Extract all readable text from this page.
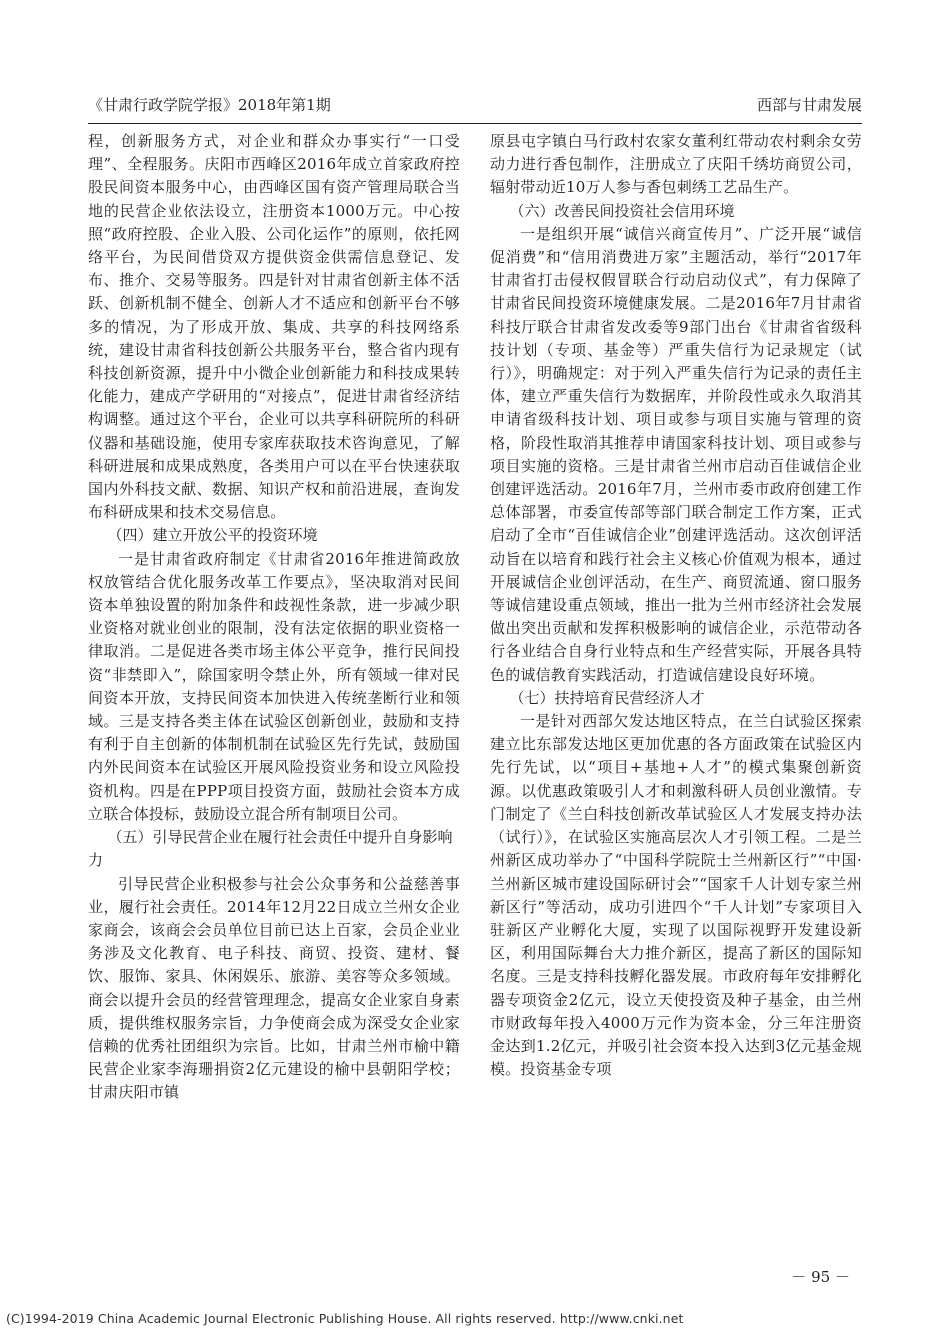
《甘肃行政学院学报》2018年第1期	西部与甘肃发展

程，创新服务方式，对企业和群众办事实行“一口受理”、全程服务。庆阳市西峰区2016年成立首家政府控股民间资本服务中心，由西峰区国有资产管理局联合当地的民营企业依法设立，注册资本1000万元。中心按照“政府控股、企业入股、公司化运作”的原则，依托网络平台，为民间借贷双方提供资金供需信息登记、发布、推介、交易等服务。四是针对甘肃省创新主体不活跃、创新机制不健全、创新人才不适应和创新平台不够多的情况，为了形成开放、集成、共享的科技网络系统，建设甘肃省科技创新公共服务平台，整合省内现有科技创新资源，提升中小微企业创新能力和科技成果转化能力，建成产学研用的“对接点”，促进甘肃省经济结构调整。通过这个平台，企业可以共享科研院所的科研仪器和基础设施，使用专家库获取技术咨询意见，了解科研进展和成果成熟度，各类用户可以在平台快速获取国内外科技文献、数据、知识产权和前沿进展，查询发布科研成果和技术交易信息。

（四）建立开放公平的投资环境

一是甘肃省政府制定《甘肃省2016年推进简政放权放管结合优化服务改革工作要点》，坚决取消对民间资本单独设置的附加条件和歧视性条款，进一步减少职业资格对就业创业的限制，没有法定依据的职业资格一律取消。二是促进各类市场主体公平竞争，推行民间投资“非禁即入”，除国家明令禁止外，所有领域一律对民间资本开放，支持民间资本加快进入传统垄断行业和领域。三是支持各类主体在试验区创新创业，鼓励和支持有利于自主创新的体制机制在试验区先行先试，鼓励国内外民间资本在试验区开展风险投资业务和设立风险投资机构。四是在PPP项目投资方面，鼓励社会资本方成立联合体投标，鼓励设立混合所有制项目公司。

（五）引导民营企业在履行社会责任中提升自身影响力

引导民营企业积极参与社会公众事务和公益慈善事业，履行社会责任。2014年12月22日成立兰州女企业家商会，该商会会员单位目前已达上百家，会员企业业务涉及文化教育、电子科技、商贸、投资、建材、餐饮、服饰、家具、休闲娱乐、旅游、美容等众多领域。商会以提升会员的经营管理理念，提高女企业家自身素质，提供维权服务宗旨，力争使商会成为深受女企业家信赖的优秀社团组织为宗旨。比如，甘肃兰州市榆中籍民营企业家李海珊捐资2亿元建设的榆中县朝阳学校；甘肃庆阳市镇

原县屯字镇白马行政村农家女董利红带动农村剩余女劳动力进行香包制作，注册成立了庆阳千绣坊商贸公司，辐射带动近10万人参与香包刺绣工艺品生产。

（六）改善民间投资社会信用环境

一是组织开展“诚信兴商宣传月”、广泛开展“诚信促消费”和“信用消费进万家”主题活动，举行“2017年甘肃省打击侵权假冒联合行动启动仪式”，有力保障了甘肃省民间投资环境健康发展。二是2016年7月甘肃省科技厅联合甘肃省发改委等9部门出台《甘肃省省级科技计划（专项、基金等）严重失信行为记录规定（试行）》，明确规定：对于列入严重失信行为记录的责任主体，建立严重失信行为数据库，并阶段性或永久取消其申请省级科技计划、项目或参与项目实施与管理的资格，阶段性取消其推荐申请国家科技计划、项目或参与项目实施的资格。三是甘肃省兰州市启动百佳诚信企业创建评选活动。2016年7月，兰州市委市政府创建工作总体部署，市委宣传部等部门联合制定工作方案，正式启动了全市“百佳诚信企业”创建评选活动。这次创评活动旨在以培育和践行社会主义核心价值观为根本，通过开展诚信企业创评活动，在生产、商贸流通、窗口服务等诚信建设重点领域，推出一批为兰州市经济社会发展做出突出贡献和发挥积极影响的诚信企业，示范带动各行各业结合自身行业特点和生产经营实际，开展各具特色的诚信教育实践活动，打造诚信建设良好环境。

（七）扶持培育民营经济人才

一是针对西部欠发达地区特点，在兰白试验区探索建立比东部发达地区更加优惠的各方面政策在试验区内先行先试，以“项目+基地+人才”的模式集聚创新资源。以优惠政策吸引人才和刺激科研人员创业激情。专门制定了《兰白科技创新改革试验区人才发展支持办法（试行）》，在试验区实施高层次人才引领工程。二是兰州新区成功举办了“中国科学院院士兰州新区行”“中国·兰州新区城市建设国际研讨会”“国家千人计划专家兰州新区行”等活动，成功引进四个“千人计划”专家项目入驻新区产业孵化大厦，实现了以国际视野开发建设新区，利用国际舞台大力推介新区，提高了新区的国际知名度。三是支持科技孵化器发展。市政府每年安排孵化器专项资金2亿元，设立天使投资及种子基金，由兰州市财政每年投入4000万元作为资本金，分三年注册资金达到1.2亿元，并吸引社会资本投入达到3亿元基金规模。投资基金专项

－ 95 －
(C)1994-2019 China Academic Journal Electronic Publishing House. All rights reserved. http://www.cnki.net
